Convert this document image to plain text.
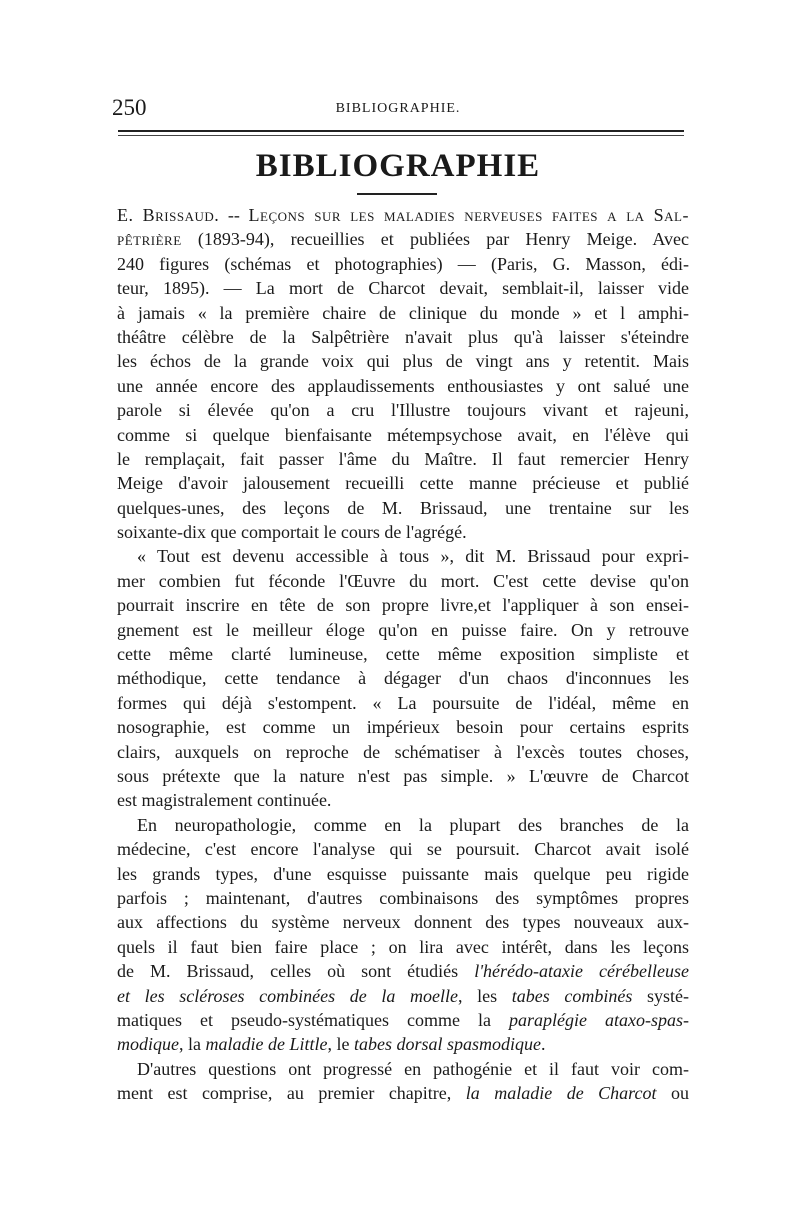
250	BIBLIOGRAPHIE.
BIBLIOGRAPHIE
E. Brissaud. -- Leçons sur les maladies nerveuses faites a la Sal-
pêtrière (1893-94), recueillies et publiées par Henry Meige. Avec
240 figures (schémas et photographies) — (Paris, G. Masson, édi-
teur, 1895). — La mort de Charcot devait, semblait-il, laisser vide
à jamais « la première chaire de clinique du monde » et l amphi-
théâtre célèbre de la Salpêtrière n'avait plus qu'à laisser s'éteindre
les échos de la grande voix qui plus de vingt ans y retentit. Mais
une année encore des applaudissements enthousiastes y ont salué une
parole si élevée qu'on a cru l'Illustre toujours vivant et rajeuni,
comme si quelque bienfaisante métempsychose avait, en l'élève qui
le remplaçait, fait passer l'âme du Maître. Il faut remercier Henry
Meige d'avoir jalousement recueilli cette manne précieuse et publié
quelques-unes, des leçons de M. Brissaud, une trentaine sur les
soixante-dix que comportait le cours de l'agrégé.
« Tout est devenu accessible à tous », dit M. Brissaud pour expri-
mer combien fut féconde l'Œuvre du mort. C'est cette devise qu'on
pourrait inscrire en tête de son propre livre,et l'appliquer à son ensei-
gnement est le meilleur éloge qu'on en puisse faire. On y retrouve
cette même clarté lumineuse, cette même exposition simpliste et
méthodique, cette tendance à dégager d'un chaos d'inconnues les
formes qui déjà s'estompent. « La poursuite de l'idéal, même en
nosographie, est comme un impérieux besoin pour certains esprits
clairs, auxquels on reproche de schématiser à l'excès toutes choses,
sous prétexte que la nature n'est pas simple. » L'œuvre de Charcot
est magistralement continuée.
En neuropathologie, comme en la plupart des branches de la
médecine, c'est encore l'analyse qui se poursuit. Charcot avait isolé
les grands types, d'une esquisse puissante mais quelque peu rigide
parfois ; maintenant, d'autres combinaisons des symptômes propres
aux affections du système nerveux donnent des types nouveaux aux-
quels il faut bien faire place ; on lira avec intérêt, dans les leçons
de M. Brissaud, celles où sont étudiés l'hérédo-ataxie cérébelleuse
et les scléroses combinées de la moelle, les tabes combinés systé-
matiques et pseudo-systématiques comme la paraplégie ataxo-spas-
modique, la maladie de Little, le tabes dorsal spasmodique.
D'autres questions ont progressé en pathogénie et il faut voir com-
ment est comprise, au premier chapitre, la maladie de Charcot ou
